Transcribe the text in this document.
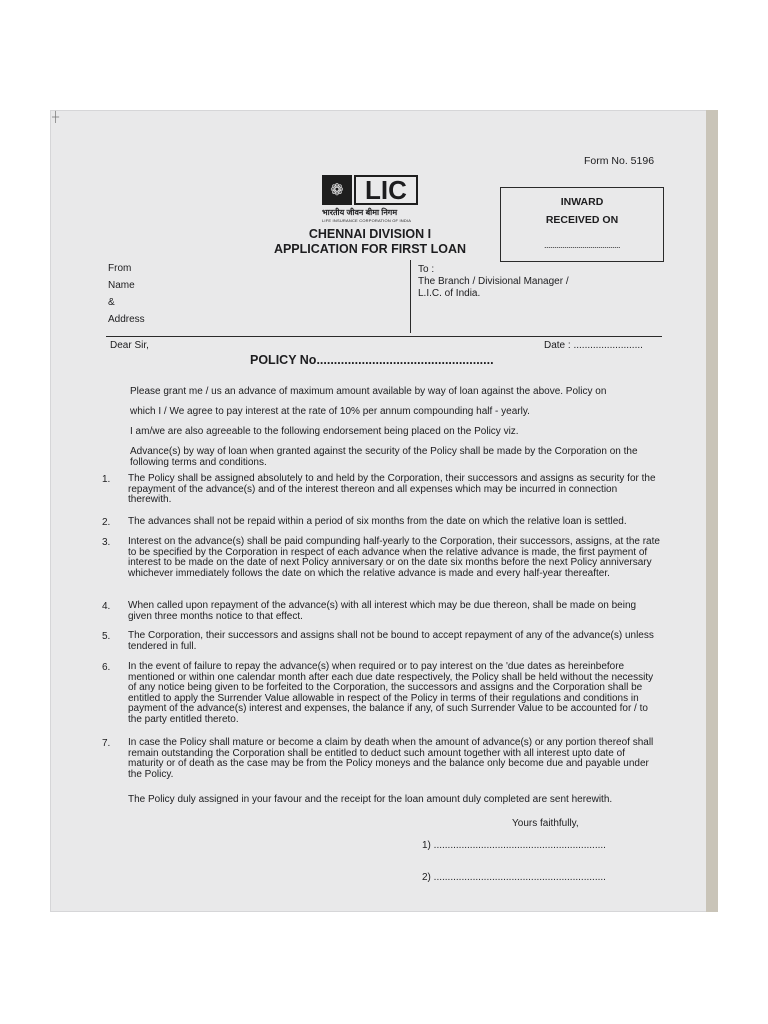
┼
Form No. 5196
❁ LIC
भारतीय जीवन बीमा निगम
LIFE INSURANCE CORPORATION OF INDIA
CHENNAI DIVISION I
APPLICATION FOR FIRST LOAN
INWARD
RECEIVED ON
......................................
From
Name
&
Address
To :
The Branch / Divisional Manager /
L.I.C. of India.
Dear Sir,	Date : .........................
POLICY No...................................................
Please grant me / us an advance of maximum amount available by way of loan against the above. Policy on
which I / We agree to pay interest at the rate of 10% per annum compounding half - yearly.
I am/we are also agreeable to the following endorsement being placed on the Policy viz.
Advance(s) by way of loan when granted against the security of the Policy shall be made by the Corporation on the following terms and conditions.
1. The Policy shall be assigned absolutely to and held by the Corporation, their successors and assigns as security for the repayment of the advance(s) and of the interest thereon and all expenses which may be incurred in connection therewith.
2. The advances shall not be repaid within a period of six months from the date on which the relative loan is settled.
3. Interest on the advance(s) shall be paid compunding half-yearly to the Corporation, their successors, assigns, at the rate to be specified by the Corporation in respect of each advance when the relative advance is made, the first payment of interest to be made on the date of next Policy anniversary or on the date six months before the next Policy anniversary whichever immediately follows the date on which the relative advance is made and every half-year thereafter.
4. When called upon repayment of the advance(s) with all interest which may be due thereon, shall be made on being given three months notice to that effect.
5. The Corporation, their successors and assigns shall not be bound to accept repayment of any of the advance(s) unless tendered in full.
6. In the event of failure to repay the advance(s) when required or to pay interest on the 'due dates as hereinbefore mentioned or within one calendar month after each due date respectively, the Policy shall be held without the necessity of any notice being given to be forfeited to the Corporation, the successors and assigns and the Corporation shall be entitled to apply the Surrender Value allowable in respect of the Policy in terms of their regulations and conditions in payment of the advance(s) interest and expenses, the balance if any, of such Surrender Value to be accounted for / to the party entitled thereto.
7. In case the Policy shall mature or become a claim by death when the amount of advance(s) or any portion thereof shall remain outstanding the Corporation shall be entitled to deduct such amount together with all interest upto date of maturity or of death as the case may be from the Policy moneys and the balance only become due and payable under the Policy.
The Policy duly assigned in your favour and the receipt for the loan amount duly completed are sent herewith.
Yours faithfully,
1) ..............................................................
2) ..............................................................
